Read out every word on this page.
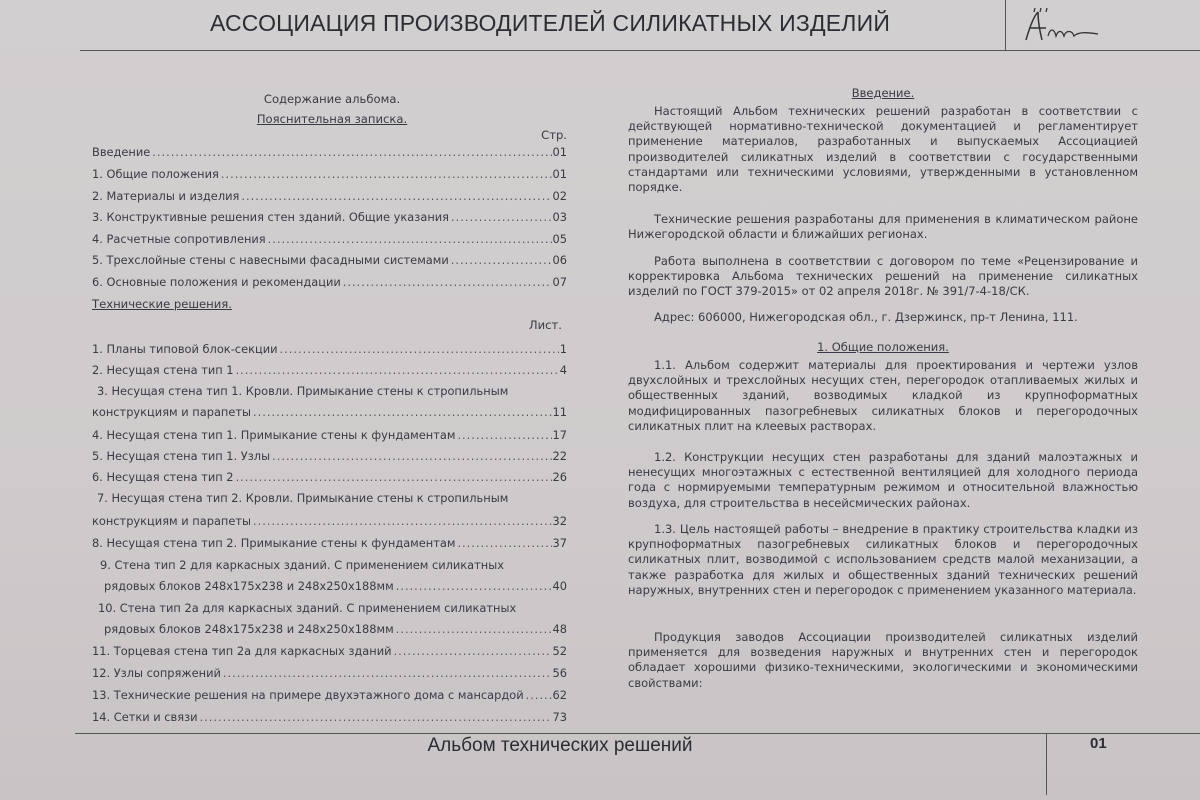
АССОЦИАЦИЯ ПРОИЗВОДИТЕЛЕЙ СИЛИКАТНЫХ ИЗДЕЛИЙ
Содержание альбома.
Пояснительная записка.
Стр.
Введение .....	01
1. Общие положения .....	01
2. Материалы и изделия .....	02
3. Конструктивные решения стен зданий. Общие указания .....	03
4. Расчетные сопротивления .....	05
5. Трехслойные стены с навесными фасадными системами .....	06
6. Основные положения и рекомендации .....	07
Технические решения.
Лист.
1. Планы типовой блок-секции .....	1
2. Несущая стена тип 1 .....	4
3. Несущая стена тип 1. Кровли. Примыкание стены к стропильным
конструкциям и парапеты .....	11
4. Несущая стена тип 1. Примыкание стены к фундаментам .....	17
5. Несущая стена тип 1. Узлы .....	22
6. Несущая стена тип 2 .....	26
7. Несущая стена тип 2. Кровли. Примыкание стены к стропильным
конструкциям и парапеты .....	32
8. Несущая стена тип 2. Примыкание стены к фундаментам .....	37
9. Стена тип 2 для каркасных зданий. С применением силикатных
рядовых блоков 248x175x238 и 248x250x188мм .....	40
10. Стена тип 2а для каркасных зданий. С применением силикатных
рядовых блоков 248x175x238 и 248x250x188мм .....	48
11. Торцевая стена тип 2а для каркасных зданий .....	52
12. Узлы сопряжений .....	56
13. Технические решения на примере двухэтажного дома с мансардой .....	62
14. Сетки и связи .....	73
Введение.

Настоящий Альбом технических решений разработан в соответствии с действующей нормативно-технической документацией и регламентирует применение материалов, разработанных и выпускаемых Ассоциацией производителей силикатных изделий в соответствии с государственными стандартами или техническими условиями, утвержденными в установленном порядке.

Технические решения разработаны для применения в климатическом районе Нижегородской области и ближайших регионах.

Работа выполнена в соответствии с договором по теме «Рецензирование и корректировка Альбома технических решений на применение силикатных изделий по ГОСТ 379-2015» от 02 апреля 2018г. № 391/7-4-18/СК.

Адрес: 606000, Нижегородская обл., г. Дзержинск, пр-т Ленина, 111.

1. Общие положения.

1.1. Альбом содержит материалы для проектирования и чертежи узлов двухслойных и трехслойных несущих стен, перегородок отапливаемых жилых и общественных зданий, возводимых кладкой из крупноформатных модифицированных пазогребневых силикатных блоков и перегородочных силикатных плит на клеевых растворах.

1.2. Конструкции несущих стен разработаны для зданий малоэтажных и ненесущих многоэтажных с естественной вентиляцией для холодного периода года с нормируемыми температурным режимом и относительной влажностью воздуха, для строительства в несейсмических районах.

1.3. Цель настоящей работы – внедрение в практику строительства кладки из крупноформатных пазогребневых силикатных блоков и перегородочных силикатных плит, возводимой с использованием средств малой механизации, а также разработка для жилых и общественных зданий технических решений наружных, внутренних стен и перегородок с применением указанного материала.

Продукция заводов Ассоциации производителей силикатных изделий применяется для возведения наружных и внутренних стен и перегородок обладает хорошими физико-техническими, экологическими и экономическими свойствами:

Альбом технических решений	01
